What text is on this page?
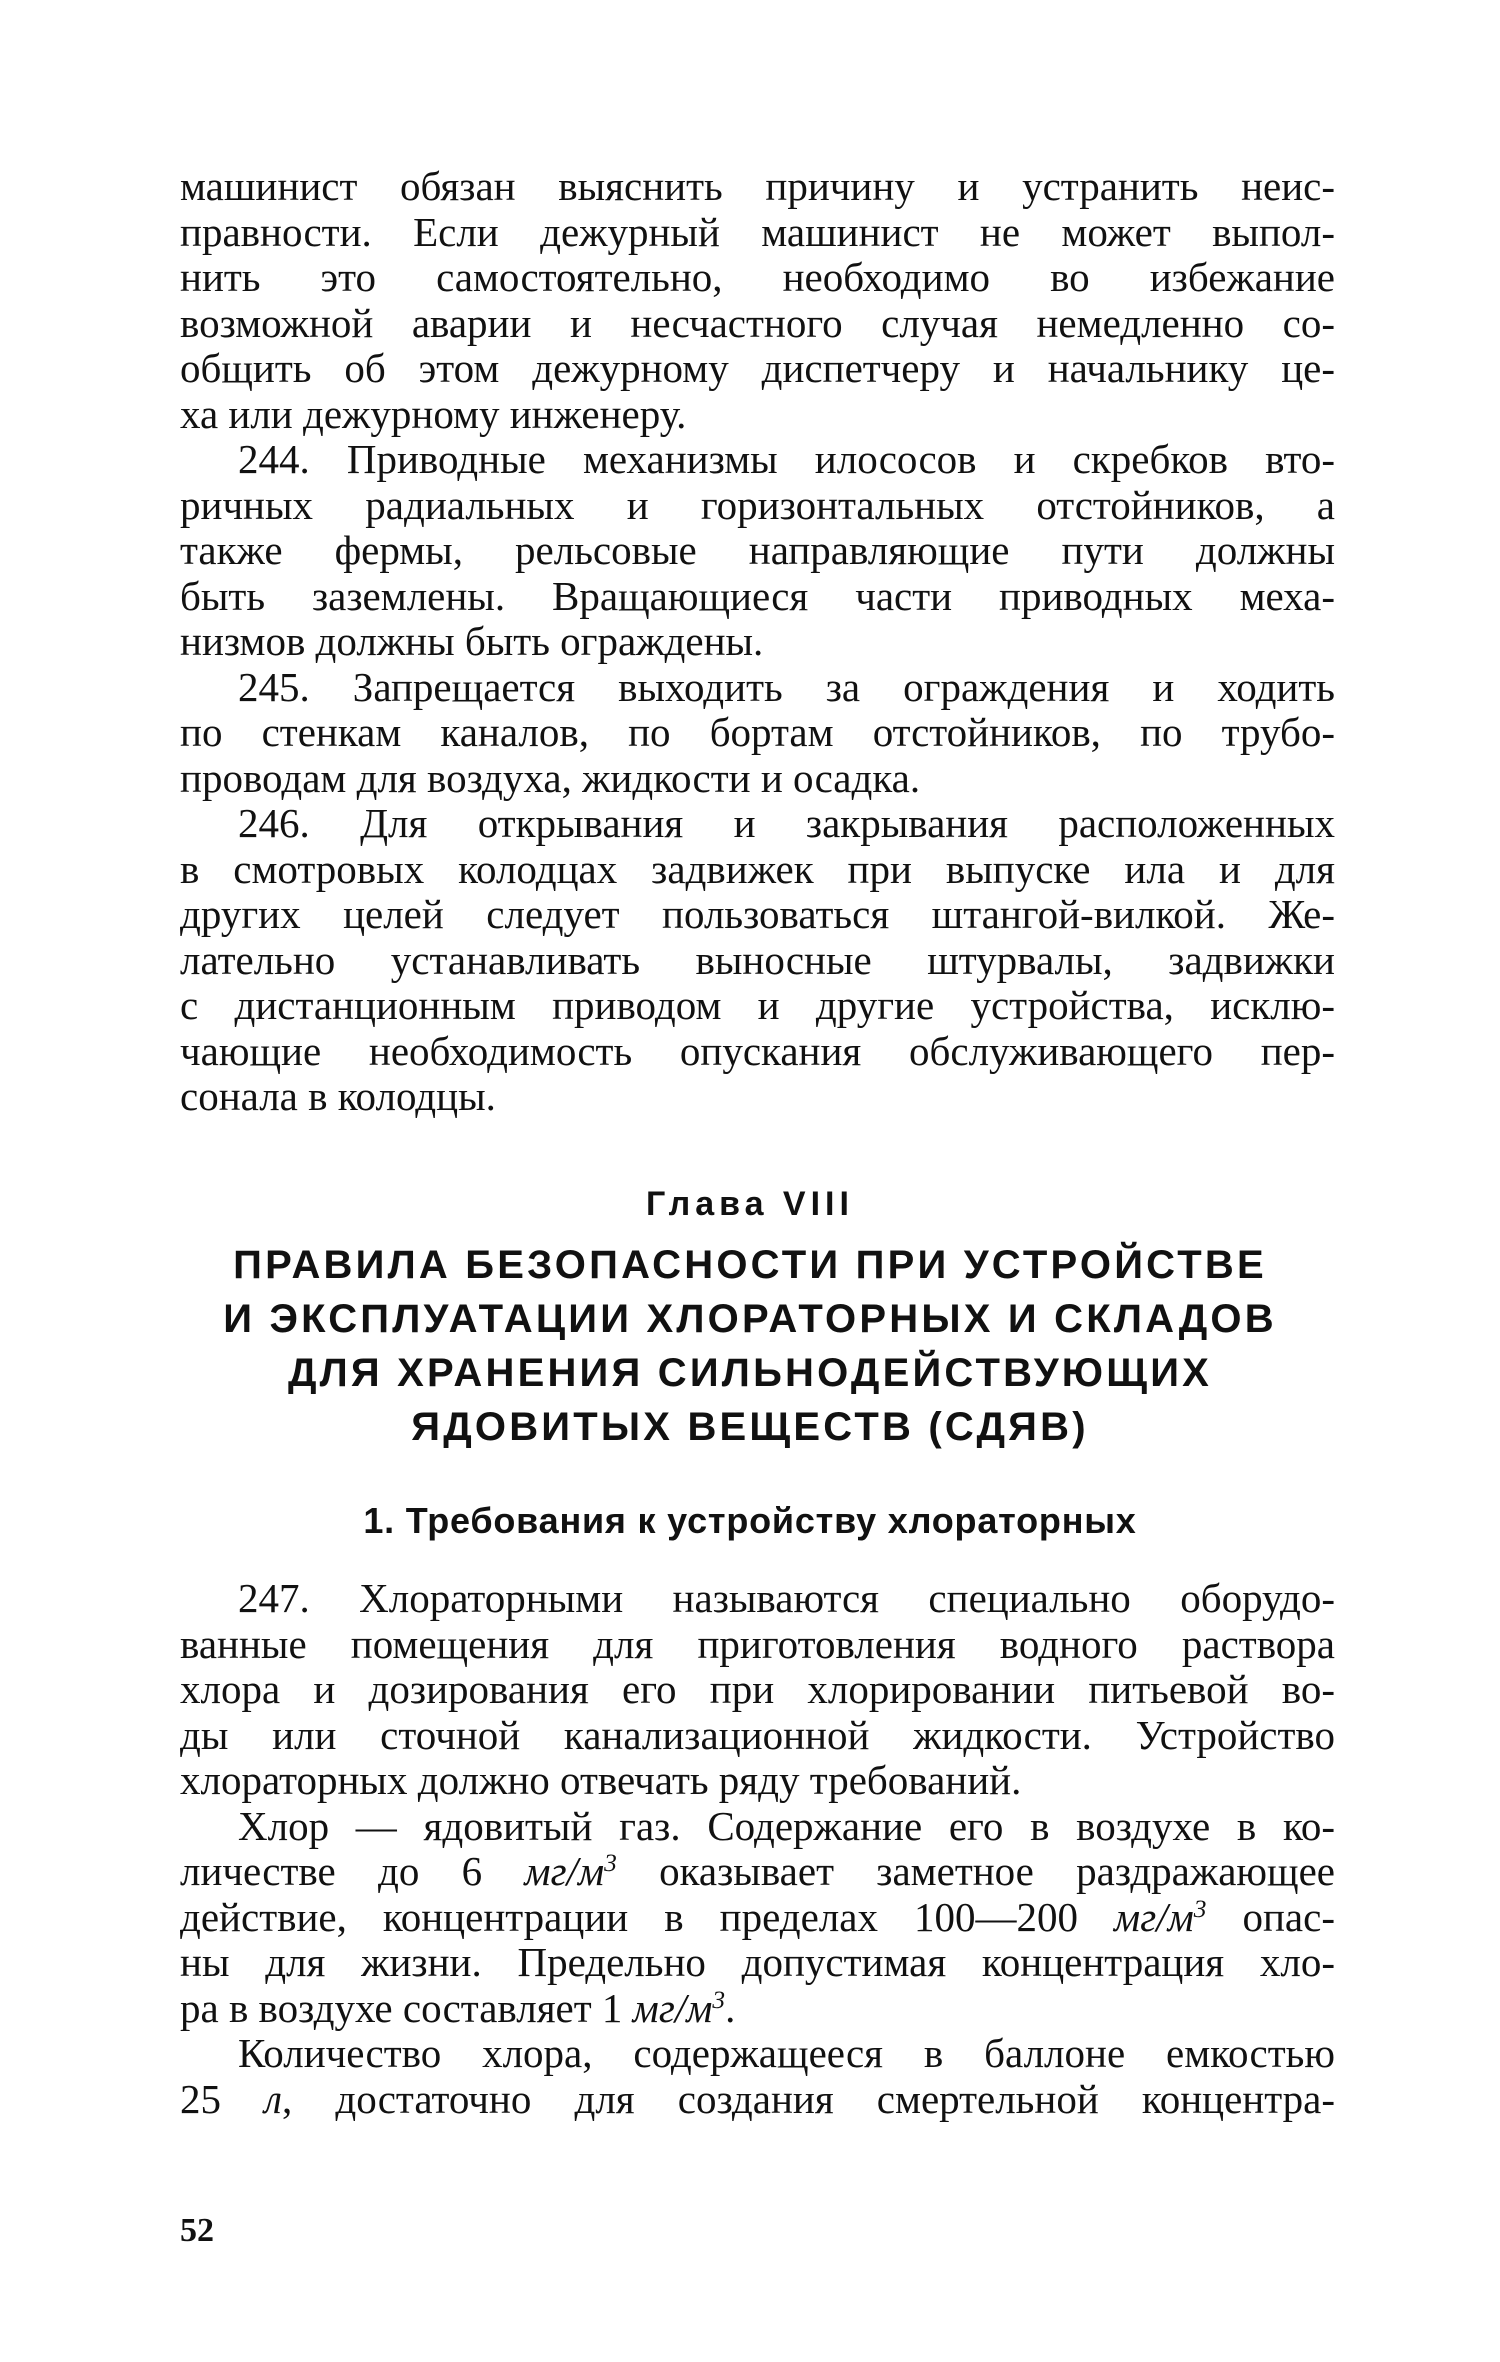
машинист обязан выяснить причину и устранить неис-
правности. Если дежурный машинист не может выпол-
нить это самостоятельно, необходимо во избежание
возможной аварии и несчастного случая немедленно со-
общить об этом дежурному диспетчеру и начальнику це-
ха или дежурному инженеру.

244. Приводные механизмы илососов и скребков вто-
ричных радиальных и горизонтальных отстойников, а
также фермы, рельсовые направляющие пути должны
быть заземлены. Вращающиеся части приводных меха-
низмов должны быть ограждены.

245. Запрещается выходить за ограждения и ходить
по стенкам каналов, по бортам отстойников, по трубо-
проводам для воздуха, жидкости и осадка.

246. Для открывания и закрывания расположенных
в смотровых колодцах задвижек при выпуске ила и для
других целей следует пользоваться штангой-вилкой. Же-
лательно устанавливать выносные штурвалы, задвижки
с дистанционным приводом и другие устройства, исклю-
чающие необходимость опускания обслуживающего пер-
сонала в колодцы.

Глава VIII
ПРАВИЛА БЕЗОПАСНОСТИ ПРИ УСТРОЙСТВЕ
И ЭКСПЛУАТАЦИИ ХЛОРАТОРНЫХ И СКЛАДОВ
ДЛЯ ХРАНЕНИЯ СИЛЬНОДЕЙСТВУЮЩИХ
ЯДОВИТЫХ ВЕЩЕСТВ (СДЯВ)
1. Требования к устройству хлораторных

247. Хлораторными называются специально оборудо-
ванные помещения для приготовления водного раствора
хлора и дозирования его при хлорировании питьевой во-
ды или сточной канализационной жидкости. Устройство
хлораторных должно отвечать ряду требований.

Хлор — ядовитый газ. Содержание его в воздухе в ко-
личестве до 6 $мг/м^3$ оказывает заметное раздражающее
действие, концентрации в пределах 100—200 $мг/м^3$ опас-
ны для жизни. Предельно допустимая концентрация хло-
ра в воздухе составляет 1 $мг/м^3$.

Количество хлора, содержащееся в баллоне емкостью
25 л, достаточно для создания смертельной концентра-

52
